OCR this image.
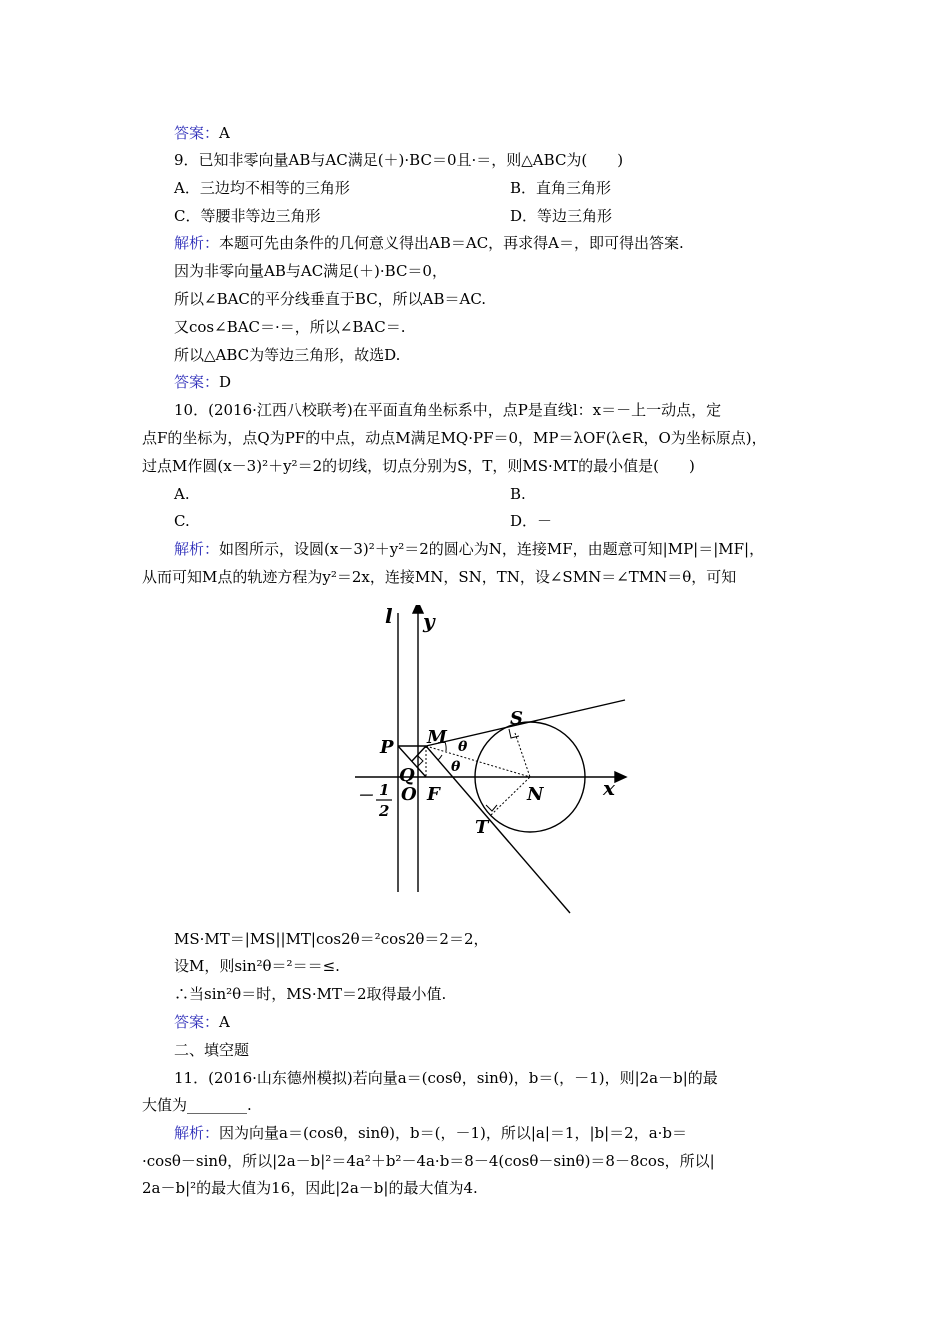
答案：A
9．已知非零向量AB与AC满足(＋)·BC＝0且·＝，则△ABC为(　　)
A．三边均不相等的三角形	B．直角三角形
C．等腰非等边三角形	D．等边三角形
解析：本题可先由条件的几何意义得出AB＝AC，再求得A＝，即可得出答案.
因为非零向量AB与AC满足(＋)·BC＝0，
所以∠BAC的平分线垂直于BC，所以AB＝AC.
又cos∠BAC＝·＝，所以∠BAC＝.
所以△ABC为等边三角形，故选D.
答案：D
10．(2016·江西八校联考)在平面直角坐标系中，点P是直线l：x＝－上一动点，定
点F的坐标为，点Q为PF的中点，动点M满足MQ·PF＝0，MP＝λOF(λ∈R，O为坐标原点)，
过点M作圆(x－3)²＋y²＝2的切线，切点分别为S，T，则MS·MT的最小值是(　　)
A.	B.
C.	D．－
解析：如图所示，设圆(x－3)²＋y²＝2的圆心为N，连接MF，由题意可知|MP|＝|MF|，
从而可知M点的轨迹方程为y²＝2x，连接MN，SN，TN，设∠SMN＝∠TMN＝θ，可知
l y
x
P M
Q
O F	N
S
T
θ
θ
－ 1
2
MS·MT＝|MS||MT|cos2θ＝²cos2θ＝2＝2，
设M，则sin²θ＝²＝＝≤.
∴当sin²θ＝时，MS·MT＝2取得最小值.
答案：A
二、填空题
11．(2016·山东德州模拟)若向量a＝(cosθ，sinθ)，b＝(，－1)，则|2a－b|的最
大值为________.
解析：因为向量a＝(cosθ，sinθ)，b＝(，－1)，所以|a|＝1，|b|＝2，a·b＝
·cosθ－sinθ，所以|2a－b|²＝4a²＋b²－4a·b＝8－4(cosθ－sinθ)＝8－8cos，所以|
2a－b|²的最大值为16，因此|2a－b|的最大值为4.
